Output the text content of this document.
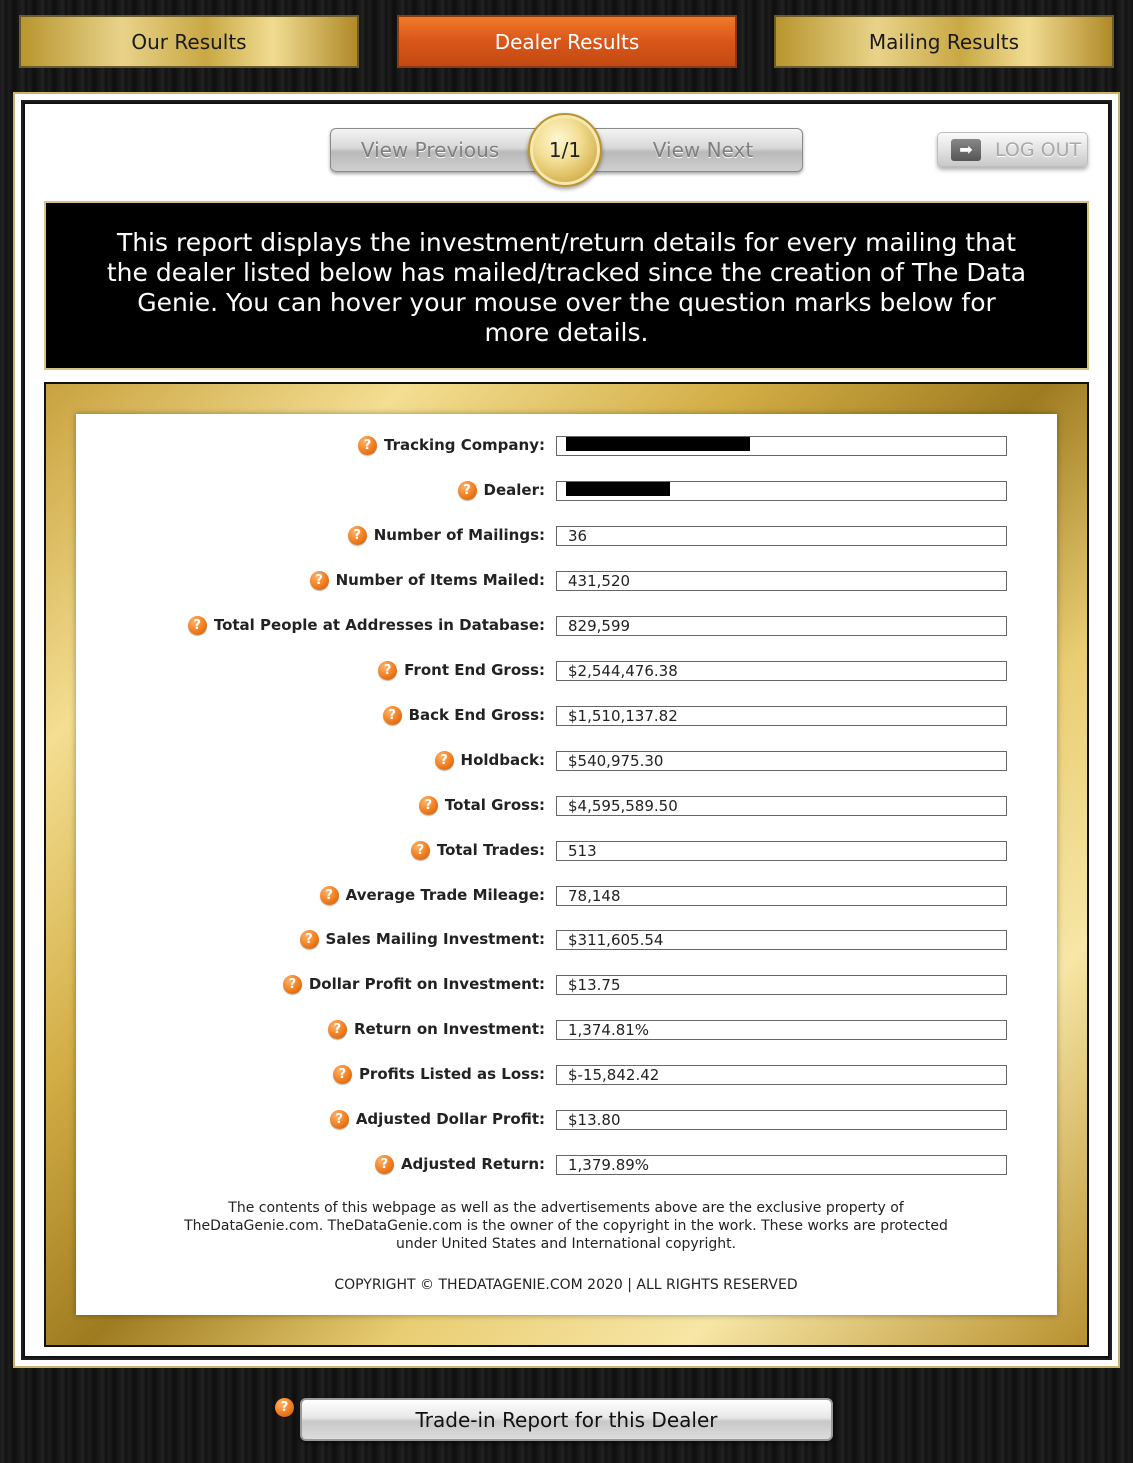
Our Results	Dealer Results	Mailing Results
View Previous	View Next
1/1	➡	LOG OUT
This report displays the investment/return details for every mailing that the dealer listed below has mailed/tracked since the creation of The Data Genie. You can hover your mouse over the question marks below for more details.
? Tracking Company:
? Dealer:
? Number of Mailings:	36
? Number of Items Mailed:	431,520
? Total People at Addresses in Database:	829,599
? Front End Gross:	$2,544,476.38
? Back End Gross:	$1,510,137.82
? Holdback:	$540,975.30
? Total Gross:	$4,595,589.50
? Total Trades:	513
? Average Trade Mileage:	78,148
? Sales Mailing Investment:	$311,605.54
? Dollar Profit on Investment:	$13.75
? Return on Investment:	1,374.81%
? Profits Listed as Loss:	$-15,842.42
? Adjusted Dollar Profit:	$13.80
? Adjusted Return:	1,379.89%
The contents of this webpage as well as the advertisements above are the exclusive property of TheDataGenie.com. TheDataGenie.com is the owner of the copyright in the work. These works are protected under United States and International copyright.
COPYRIGHT © THEDATAGENIE.COM 2020 | ALL RIGHTS RESERVED
?	Trade-in Report for this Dealer
